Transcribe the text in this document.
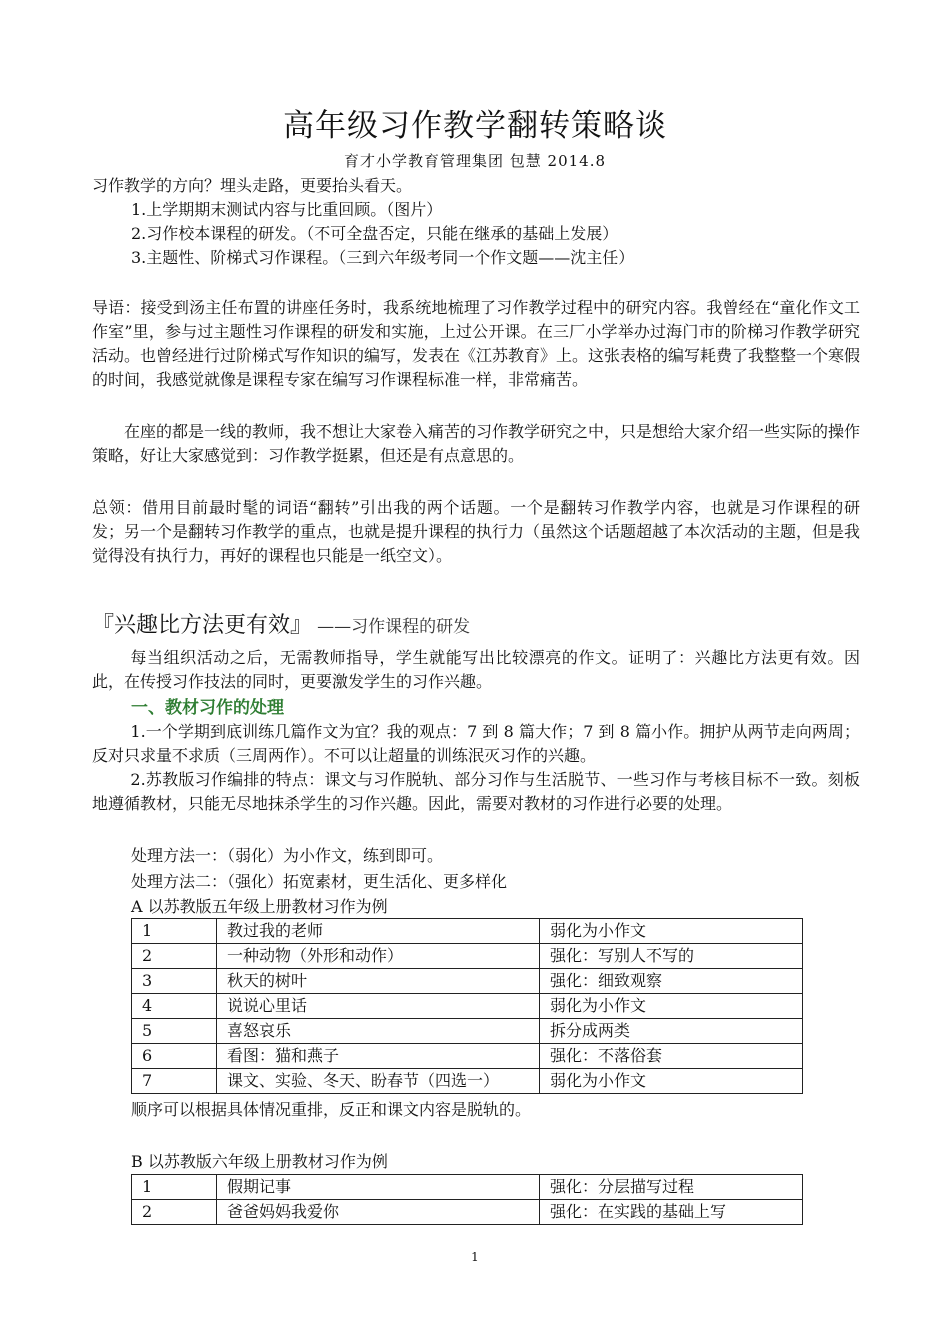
高年级习作教学翻转策略谈
育才小学教育管理集团 包慧 2014.8
习作教学的方向？埋头走路，更要抬头看天。
1.上学期期末测试内容与比重回顾。（图片）
2.习作校本课程的研发。（不可全盘否定，只能在继承的基础上发展）
3.主题性、阶梯式习作课程。（三到六年级考同一个作文题——沈主任）
导语：接受到汤主任布置的讲座任务时，我系统地梳理了习作教学过程中的研究内容。我曾经在“童化作文工作室”里，参与过主题性习作课程的研发和实施，上过公开课。在三厂小学举办过海门市的阶梯习作教学研究活动。也曾经进行过阶梯式写作知识的编写，发表在《江苏教育》上。这张表格的编写耗费了我整整一个寒假的时间，我感觉就像是课程专家在编写习作课程标准一样，非常痛苦。
在座的都是一线的教师，我不想让大家卷入痛苦的习作教学研究之中，只是想给大家介绍一些实际的操作策略，好让大家感觉到：习作教学挺累，但还是有点意思的。
总领：借用目前最时髦的词语“翻转”引出我的两个话题。一个是翻转习作教学内容，也就是习作课程的研发；另一个是翻转习作教学的重点，也就是提升课程的执行力（虽然这个话题超越了本次活动的主题，但是我觉得没有执行力，再好的课程也只能是一纸空文）。
『兴趣比方法更有效』 ——习作课程的研发
每当组织活动之后，无需教师指导，学生就能写出比较漂亮的作文。证明了：兴趣比方法更有效。因此，在传授习作技法的同时，更要激发学生的习作兴趣。
一、教材习作的处理
1.一个学期到底训练几篇作文为宜？我的观点：7 到 8 篇大作；7 到 8 篇小作。拥护从两节走向两周；反对只求量不求质（三周两作）。不可以让超量的训练泯灭习作的兴趣。
2.苏教版习作编排的特点：课文与习作脱轨、部分习作与生活脱节、一些习作与考核目标不一致。刻板地遵循教材，只能无尽地抹杀学生的习作兴趣。因此，需要对教材的习作进行必要的处理。
处理方法一：（弱化）为小作文，练到即可。
处理方法二：（强化）拓宽素材，更生活化、更多样化
A 以苏教版五年级上册教材习作为例
1	教过我的老师	弱化为小作文
2	一种动物（外形和动作）	强化：写别人不写的
3	秋天的树叶	强化：细致观察
4	说说心里话	弱化为小作文
5	喜怒哀乐	拆分成两类
6	看图：猫和燕子	强化：不落俗套
7	课文、实验、冬天、盼春节（四选一）	弱化为小作文
顺序可以根据具体情况重排，反正和课文内容是脱轨的。
B 以苏教版六年级上册教材习作为例
1	假期记事	强化：分层描写过程
2	爸爸妈妈我爱你	强化：在实践的基础上写
1
